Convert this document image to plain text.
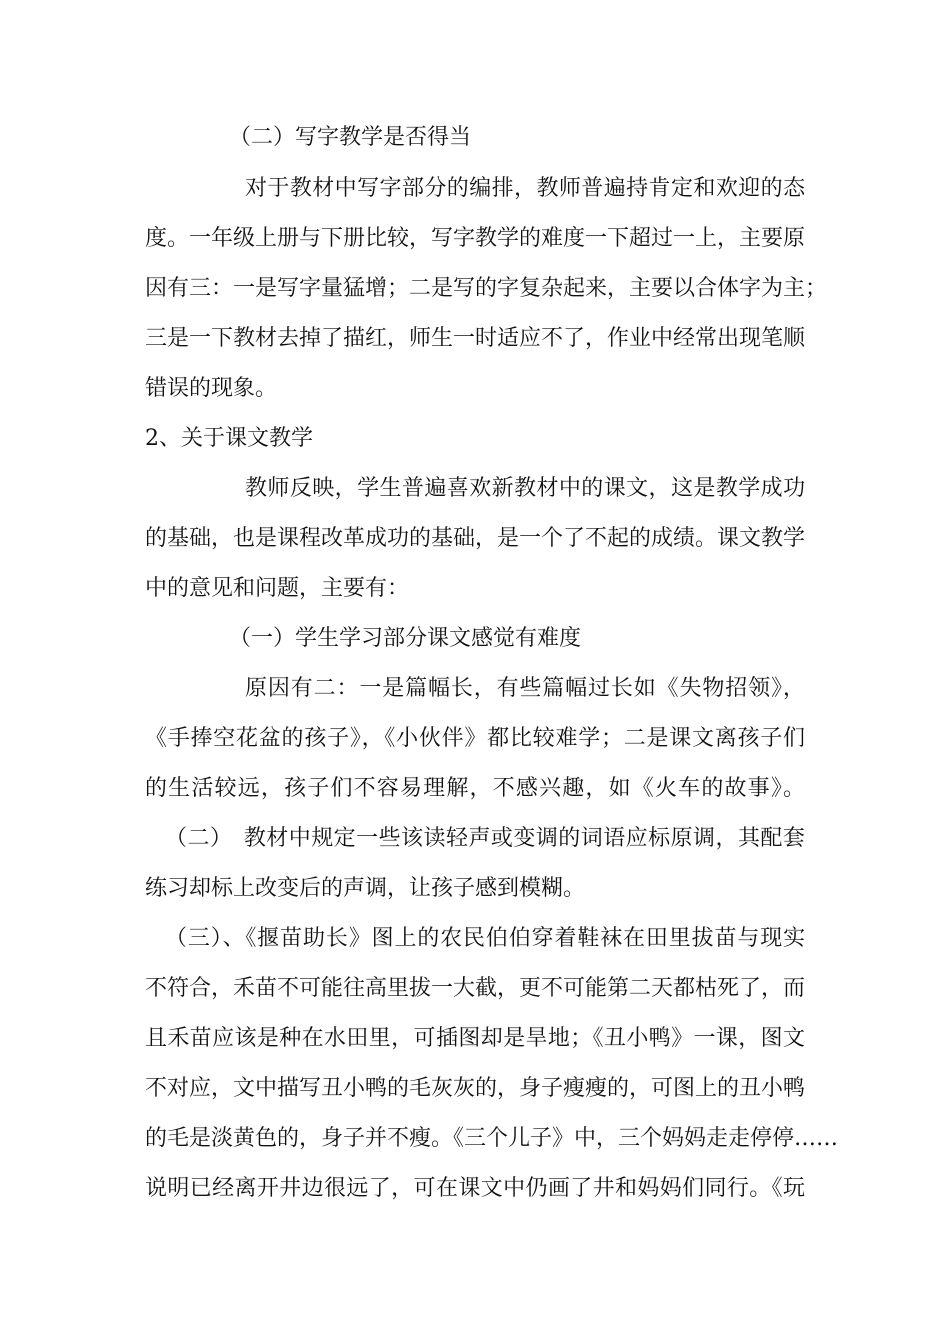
（二）写字教学是否得当
对于教材中写字部分的编排，教师普遍持肯定和欢迎的态
度。一年级上册与下册比较，写字教学的难度一下超过一上，主要原
因有三：一是写字量猛增；二是写的字复杂起来，主要以合体字为主；
三是一下教材去掉了描红，师生一时适应不了，作业中经常出现笔顺
错误的现象。
2、关于课文教学
教师反映，学生普遍喜欢新教材中的课文，这是教学成功
的基础，也是课程改革成功的基础，是一个了不起的成绩。课文教学
中的意见和问题，主要有：
（一）学生学习部分课文感觉有难度
原因有二：一是篇幅长，有些篇幅过长如《失物招领》，
《手捧空花盆的孩子》，《小伙伴》都比较难学；二是课文离孩子们
的生活较远，孩子们不容易理解，不感兴趣，如《火车的故事》。
（二）　教材中规定一些该读轻声或变调的词语应标原调，其配套
练习却标上改变后的声调，让孩子感到模糊。
（三）、《揠苗助长》图上的农民伯伯穿着鞋袜在田里拔苗与现实
不符合，禾苗不可能往高里拔一大截，更不可能第二天都枯死了，而
且禾苗应该是种在水田里，可插图却是旱地；《丑小鸭》一课，图文
不对应，文中描写丑小鸭的毛灰灰的，身子瘦瘦的，可图上的丑小鸭
的毛是淡黄色的，身子并不瘦。《三个儿子》中，三个妈妈走走停停……
说明已经离开井边很远了，可在课文中仍画了井和妈妈们同行。《玩
